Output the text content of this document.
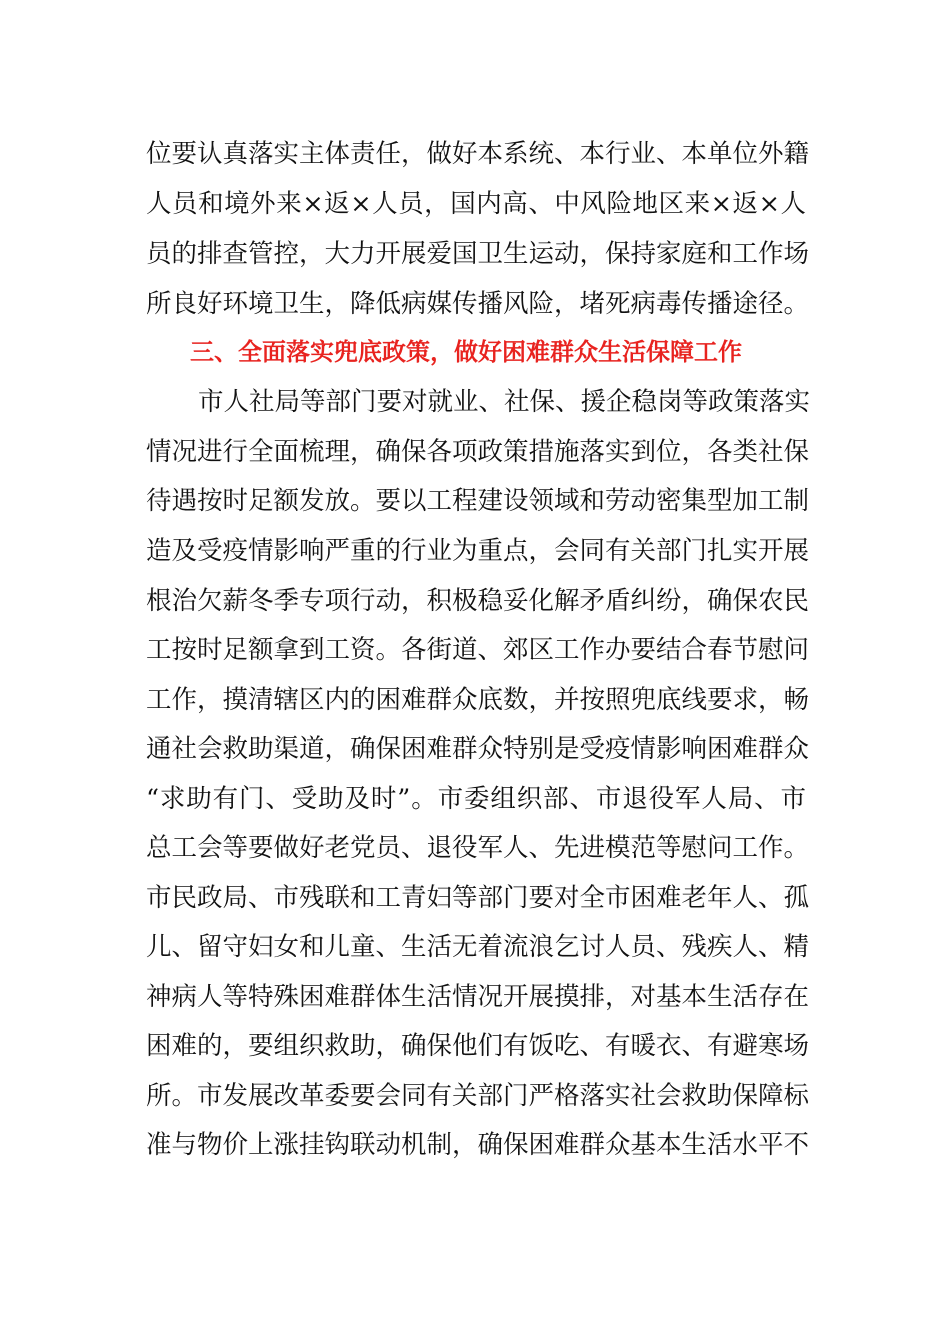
位要认真落实主体责任，做好本系统、本行业、本单位外籍
人员和境外来×返×人员，国内高、中风险地区来×返×人
员的排查管控，大力开展爱国卫生运动，保持家庭和工作场
所良好环境卫生，降低病媒传播风险，堵死病毒传播途径。
三、全面落实兜底政策，做好困难群众生活保障工作
市人社局等部门要对就业、社保、援企稳岗等政策落实
情况进行全面梳理，确保各项政策措施落实到位，各类社保
待遇按时足额发放。要以工程建设领域和劳动密集型加工制
造及受疫情影响严重的行业为重点，会同有关部门扎实开展
根治欠薪冬季专项行动，积极稳妥化解矛盾纠纷，确保农民
工按时足额拿到工资。各街道、郊区工作办要结合春节慰问
工作，摸清辖区内的困难群众底数，并按照兜底线要求，畅
通社会救助渠道，确保困难群众特别是受疫情影响困难群众
“求助有门、受助及时”。市委组织部、市退役军人局、市
总工会等要做好老党员、退役军人、先进模范等慰问工作。
市民政局、市残联和工青妇等部门要对全市困难老年人、孤
儿、留守妇女和儿童、生活无着流浪乞讨人员、残疾人、精
神病人等特殊困难群体生活情况开展摸排，对基本生活存在
困难的，要组织救助，确保他们有饭吃、有暖衣、有避寒场
所。市发展改革委要会同有关部门严格落实社会救助保障标
准与物价上涨挂钩联动机制，确保困难群众基本生活水平不
